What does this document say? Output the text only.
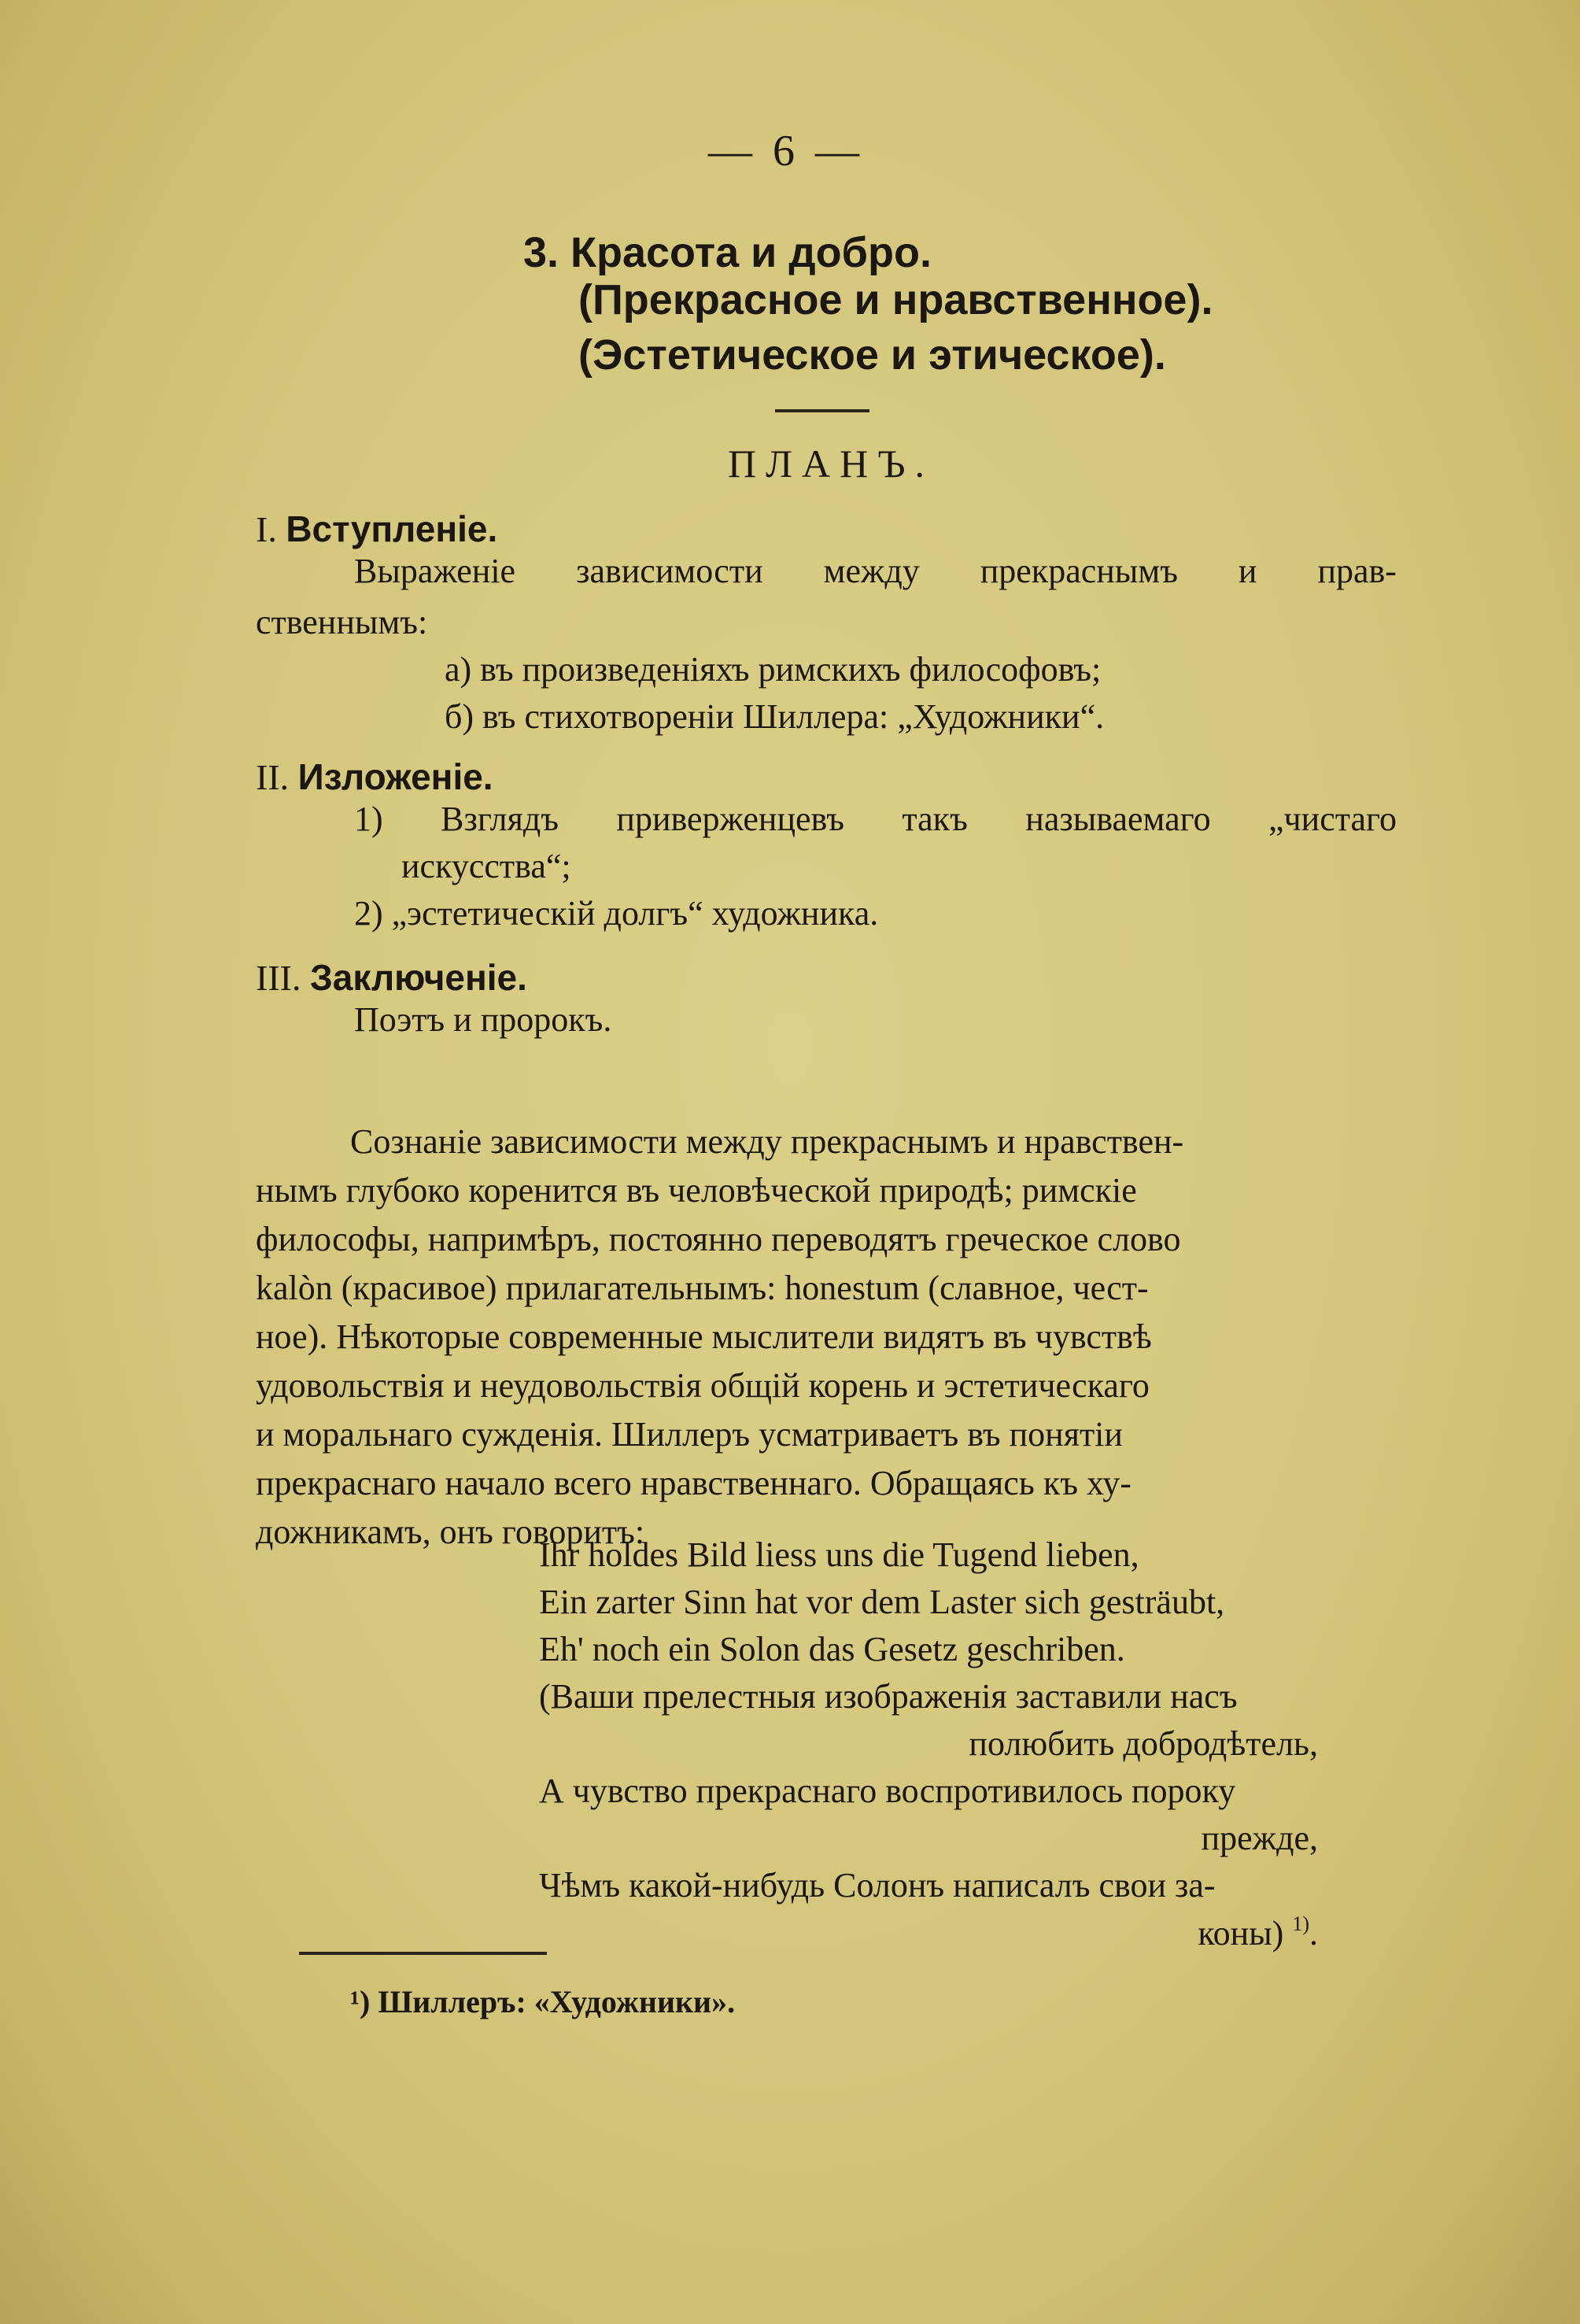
— 6 —
3. Красота и добро.
(Прекрасное и нравственное).
(Эстетическое и этическое).
ПЛАНЪ.
I. Вступленіе.
Выраженіе зависимости между прекраснымъ и прав-
ственнымъ:
а) въ произведеніяхъ римскихъ философовъ;
б) въ стихотвореніи Шиллера: „Художники“.
II. Изложеніе.
1) Взглядъ приверженцевъ такъ называемаго „чистаго
искусства“;
2) „эстетическій долгъ“ художника.
III. Заключеніе.
Поэтъ и пророкъ.
Сознаніе зависимости между прекраснымъ и нравствен-
нымъ глубоко коренится въ человѣческой природѣ; римскіе
философы, напримѣръ, постоянно переводятъ греческое слово
kalòn (красивое) прилагательнымъ: honestum (славное, чест-
ное). Нѣкоторые современные мыслители видятъ въ чувствѣ
удовольствія и неудовольствія общій корень и эстетическаго
и моральнаго сужденія. Шиллеръ усматриваетъ въ понятіи
прекраснаго начало всего нравственнаго. Обращаясь къ ху-
дожникамъ, онъ говоритъ:
Ihr holdes Bild liess uns die Tugend lieben,
Ein zarter Sinn hat vor dem Laster sich gesträubt,
Eh' noch ein Solon das Gesetz geschriben.
(Ваши прелестныя изображенія заставили насъ
полюбить добродѣтель,
А чувство прекраснаго воспротивилось пороку
прежде,
Чѣмъ какой-нибудь Солонъ написалъ свои за-
коны) $^{1)}$.
¹) Шиллеръ: «Художники».
